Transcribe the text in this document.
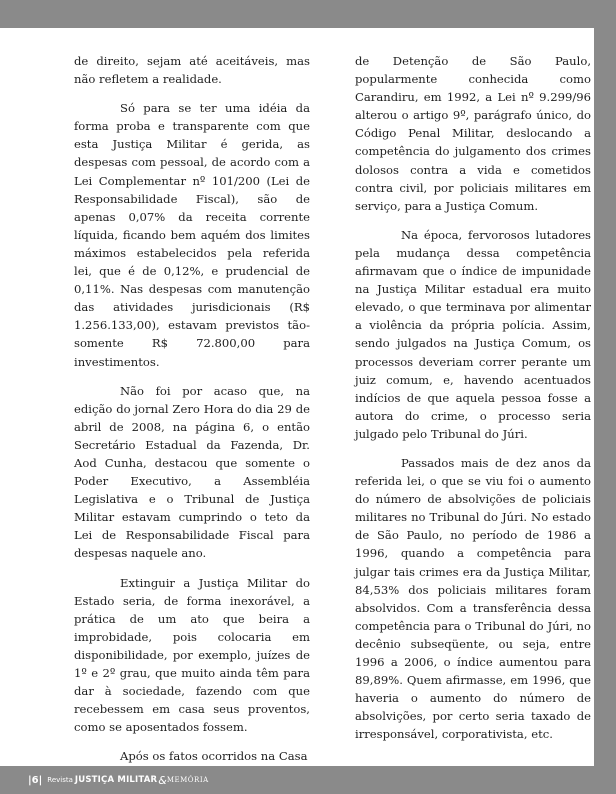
de direito, sejam até aceitáveis, mas não refletem a realidade.

Só para se ter uma idéia da forma proba e transparente com que esta Justiça Militar é gerida, as despesas com pessoal, de acordo com a Lei Complementar nº 101/200 (Lei de Responsabilidade Fiscal), são de apenas 0,07% da receita corrente líquida, ficando bem aquém dos limites máximos estabelecidos pela referida lei, que é de 0,12%, e prudencial de 0,11%. Nas despesas com manutenção das atividades jurisdicionais (R$ 1.256.133,00), estavam previstos tão-somente R$ 72.800,00 para investimentos.

Não foi por acaso que, na edição do jornal Zero Hora do dia 29 de abril de 2008, na página 6, o então Secretário Estadual da Fazenda, Dr. Aod Cunha, destacou que somente o Poder Executivo, a Assembléia Legislativa e o Tribunal de Justiça Militar estavam cumprindo o teto da Lei de Responsabilidade Fiscal para despesas naquele ano.

Extinguir a Justiça Militar do Estado seria, de forma inexorável, a prática de um ato que beira a improbidade, pois colocaria em disponibilidade, por exemplo, juízes de 1º e 2º grau, que muito ainda têm para dar à sociedade, fazendo com que recebessem em casa seus proventos, como se aposentados fossem.

Após os fatos ocorridos na Casa

de Detenção de São Paulo, popularmente conhecida como Carandiru, em 1992, a Lei nº 9.299/96 alterou o artigo 9º, parágrafo único, do Código Penal Militar, deslocando a competência do julgamento dos crimes dolosos contra a vida e cometidos contra civil, por policiais militares em serviço, para a Justiça Comum.

Na época, fervorosos lutadores pela mudança dessa competência afirmavam que o índice de impunidade na Justiça Militar estadual era muito elevado, o que terminava por alimentar a violência da própria polícia. Assim, sendo julgados na Justiça Comum, os processos deveriam correr perante um juiz comum, e, havendo acentuados indícios de que aquela pessoa fosse a autora do crime, o processo seria julgado pelo Tribunal do Júri.

Passados mais de dez anos da referida lei, o que se viu foi o aumento do número de absolvições de policiais militares no Tribunal do Júri. No estado de São Paulo, no período de 1986 a 1996, quando a competência para julgar tais crimes era da Justiça Militar, 84,53% dos policiais militares foram absolvidos. Com a transferência dessa competência para o Tribunal do Júri, no decênio subseqüente, ou seja, entre 1996 a 2006, o índice aumentou para 89,89%. Quem afirmasse, em 1996, que haveria o aumento do número de absolvições, por certo seria taxado de irresponsável, corporativista, etc.

|6| Revista JUSTIÇA MILITAR & MEMÓRIA
